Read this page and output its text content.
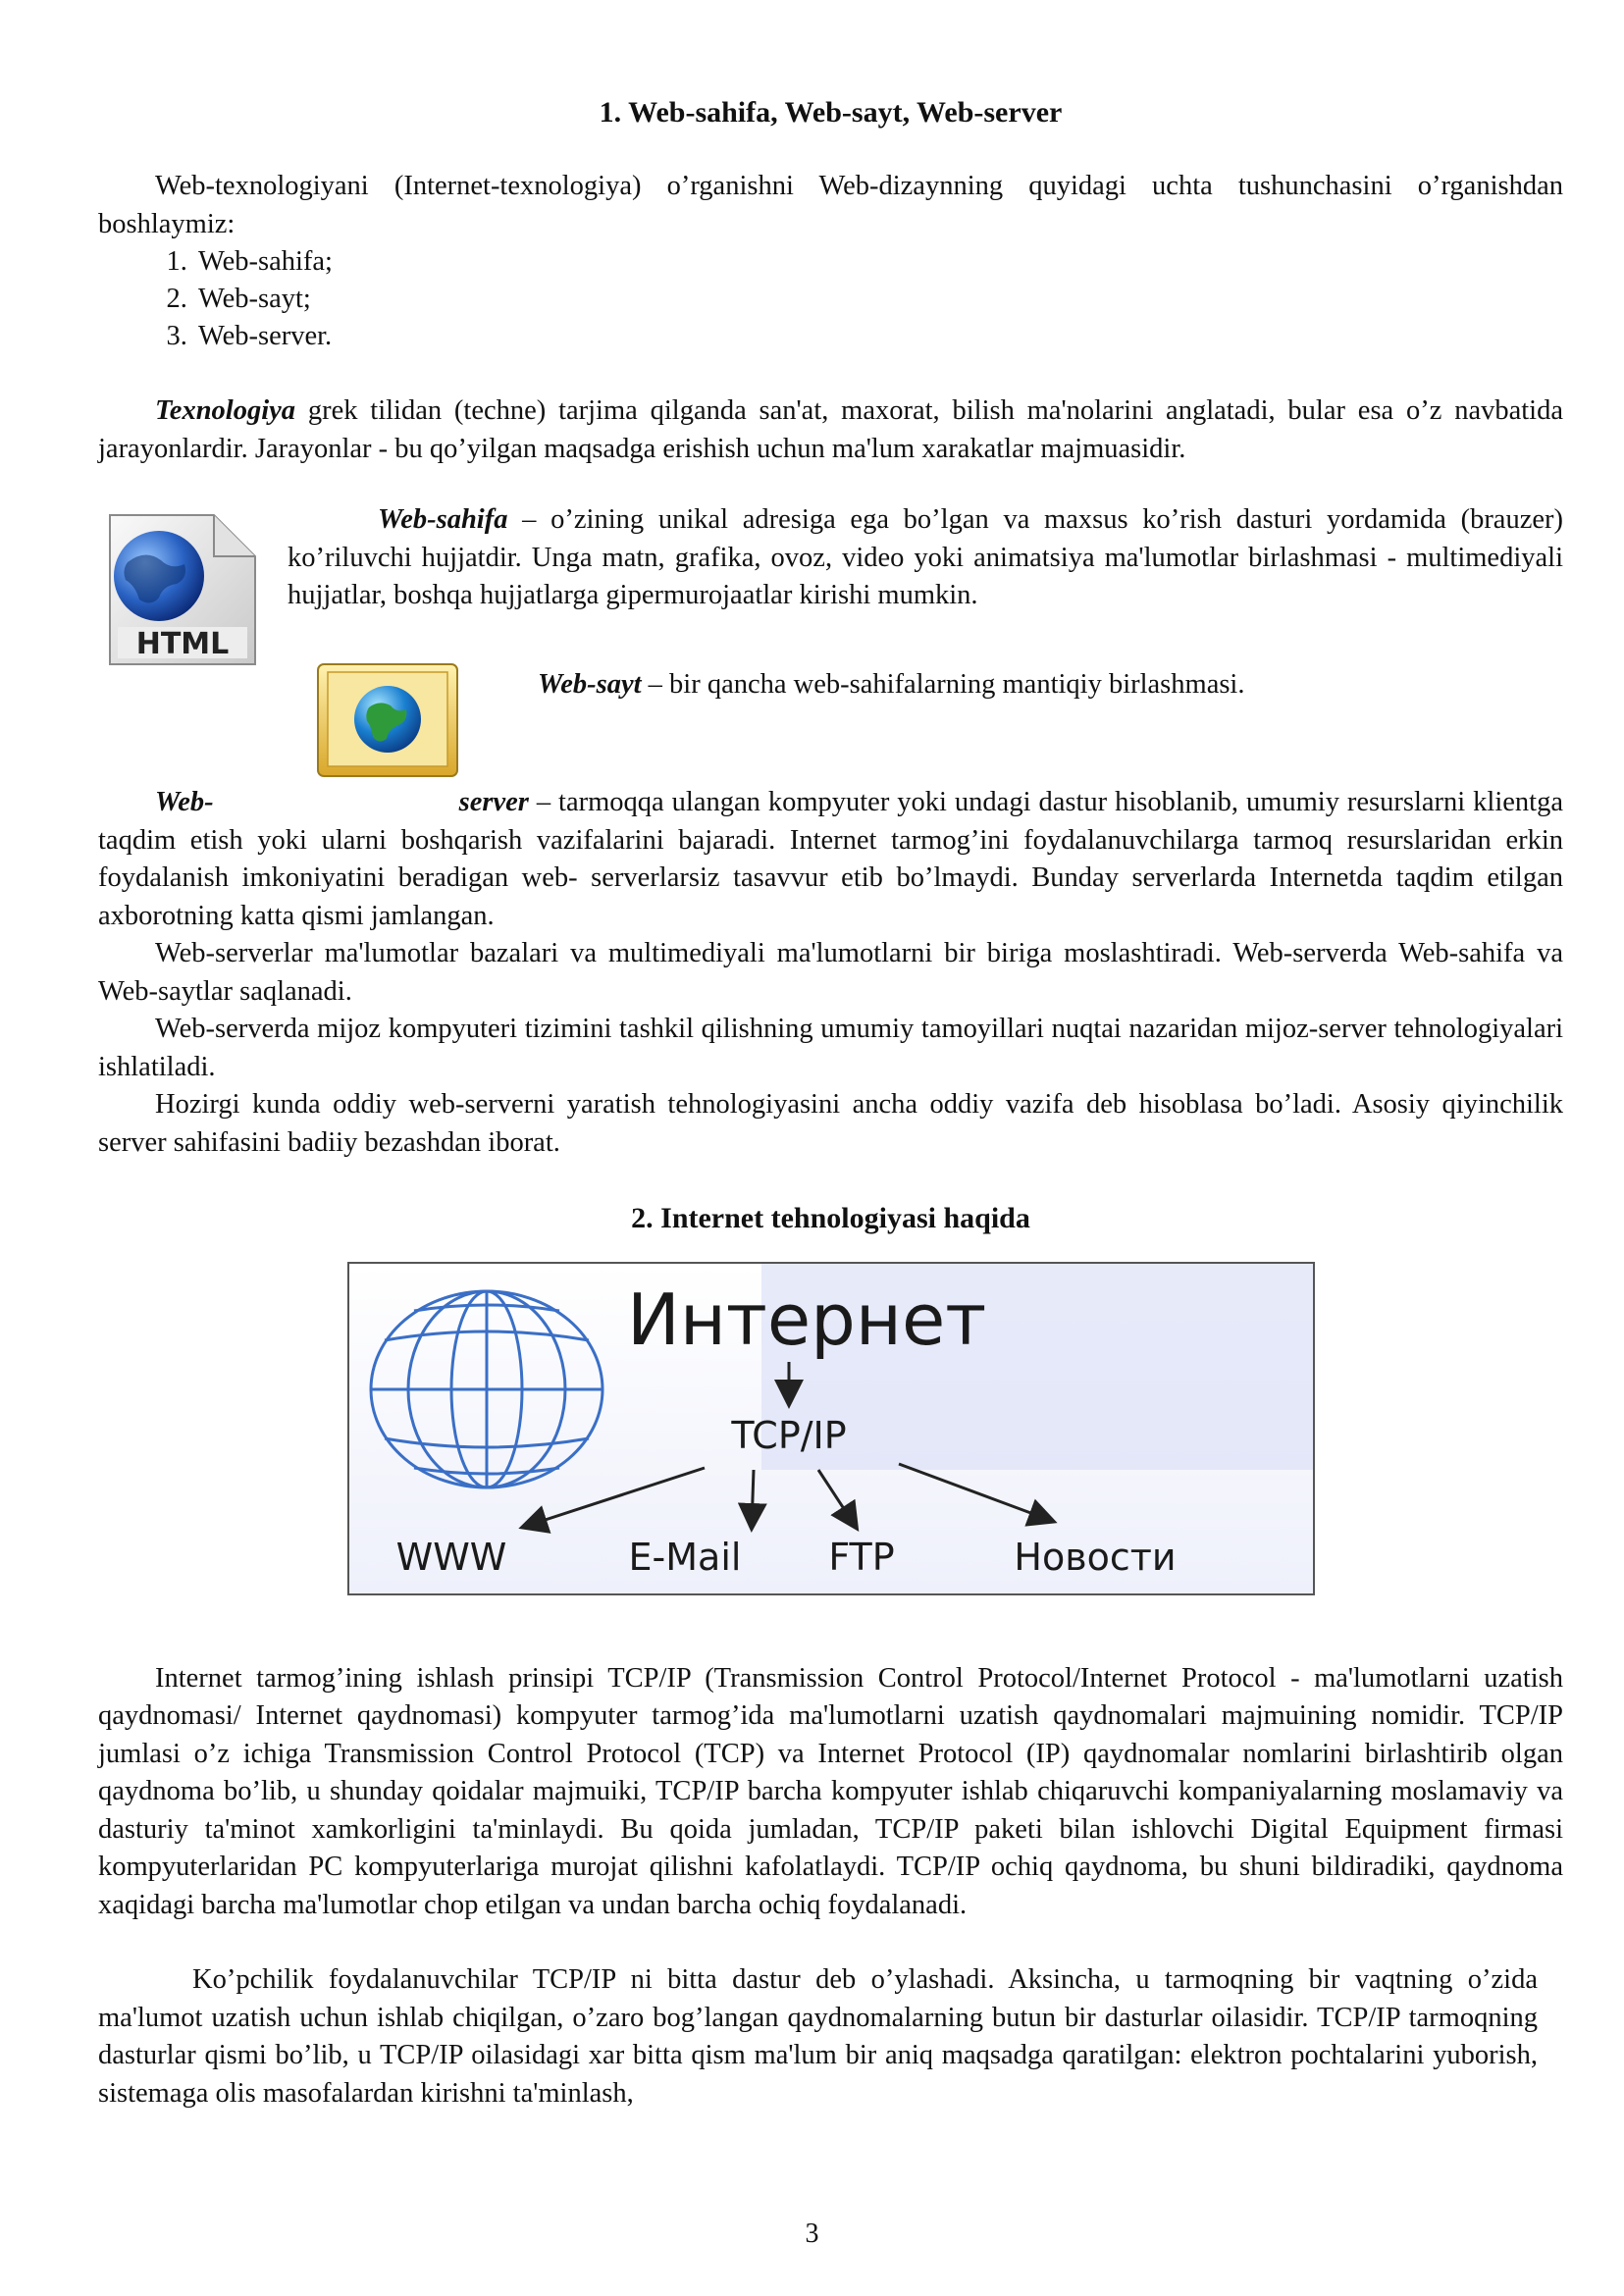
1. Web-sahifa, Web-sayt, Web-server

Web-texnologiyani (Internet-texnologiya) o’rganishni Web-dizaynning quyidagi uchta tushunchasini o’rganishdan boshlaymiz:

1. Web-sahifa;
2. Web-sayt;
3. Web-server.

Texnologiya grek tilidan (techne) tarjima qilganda san'at, maxorat, bilish ma'nolarini anglatadi, bular esa o’z navbatida jarayonlardir. Jarayonlar - bu qo’yilgan maqsadga erishish uchun ma'lum xarakatlar majmuasidir.

HTML

Web-sahifa – o’zining unikal adresiga ega bo’lgan va maxsus ko’rish dasturi yordamida (brauzer) ko’riluvchi hujjatdir. Unga matn, grafika, ovoz, video yoki animatsiya ma'lumotlar birlashmasi - multimediyali hujjatlar, boshqa hujjatlarga gipermurojaatlar kirishi mumkin.

Web-sayt – bir qancha web-sahifalarning mantiqiy birlashmasi.

Web-	server – tarmoqqa ulangan kompyuter yoki undagi dastur hisoblanib, umumiy resurslarni klientga taqdim etish yoki ularni boshqarish vazifalarini bajaradi. Internet tarmog’ini foydalanuvchilarga tarmoq resurslaridan erkin foydalanish imkoniyatini beradigan web- serverlarsiz tasavvur etib bo’lmaydi. Bunday serverlarda Internetda taqdim etilgan axborotning katta qismi jamlangan.

Web-serverlar ma'lumotlar bazalari va multimediyali ma'lumotlarni bir biriga moslashtiradi. Web-serverda Web-sahifa va Web-saytlar saqlanadi.

Web-serverda mijoz kompyuteri tizimini tashkil qilishning umumiy tamoyillari nuqtai nazaridan mijoz-server tehnologiyalari ishlatiladi.

Hozirgi kunda oddiy web-serverni yaratish tehnologiyasini ancha oddiy vazifa deb hisoblasa bo’ladi. Asosiy qiyinchilik server sahifasini badiiy bezashdan iborat.

2. Internet tehnologiyasi haqida
Интернет
TCP/IP
WWW	E-Mail FTP	Новости

Internet tarmog’ining ishlash prinsipi TCP/IP (Transmission Control Protocol/Internet Protocol - ma'lumotlarni uzatish qaydnomasi/ Internet qaydnomasi) kompyuter tarmog’ida ma'lumotlarni uzatish qaydnomalari majmuining nomidir. TCP/IP jumlasi o’z ichiga Transmission Control Protocol (TCP) va Internet Protocol (IP) qaydnomalar nomlarini birlashtirib olgan qaydnoma bo’lib, u shunday qoidalar majmuiki, TCP/IP barcha kompyuter ishlab chiqaruvchi kompaniyalarning moslamaviy va dasturiy ta'minot xamkorligini ta'minlaydi. Bu qoida jumladan, TCP/IP paketi bilan ishlovchi Digital Equipment firmasi kompyuterlaridan PC kompyuterlariga murojat qilishni kafolatlaydi. TCP/IP ochiq qaydnoma, bu shuni bildiradiki, qaydnoma xaqidagi barcha ma'lumotlar chop etilgan va undan barcha ochiq foydalanadi.

Ko’pchilik foydalanuvchilar TCP/IP ni bitta dastur deb o’ylashadi. Aksincha, u tarmoqning bir vaqtning o’zida ma'lumot uzatish uchun ishlab chiqilgan, o’zaro bog’langan qaydnomalarning butun bir dasturlar oilasidir. TCP/IP tarmoqning dasturlar qismi bo’lib, u TCP/IP oilasidagi xar bitta qism ma'lum bir aniq maqsadga qaratilgan: elektron pochtalarini yuborish, sistemaga olis masofalardan kirishni ta'minlash,

3
